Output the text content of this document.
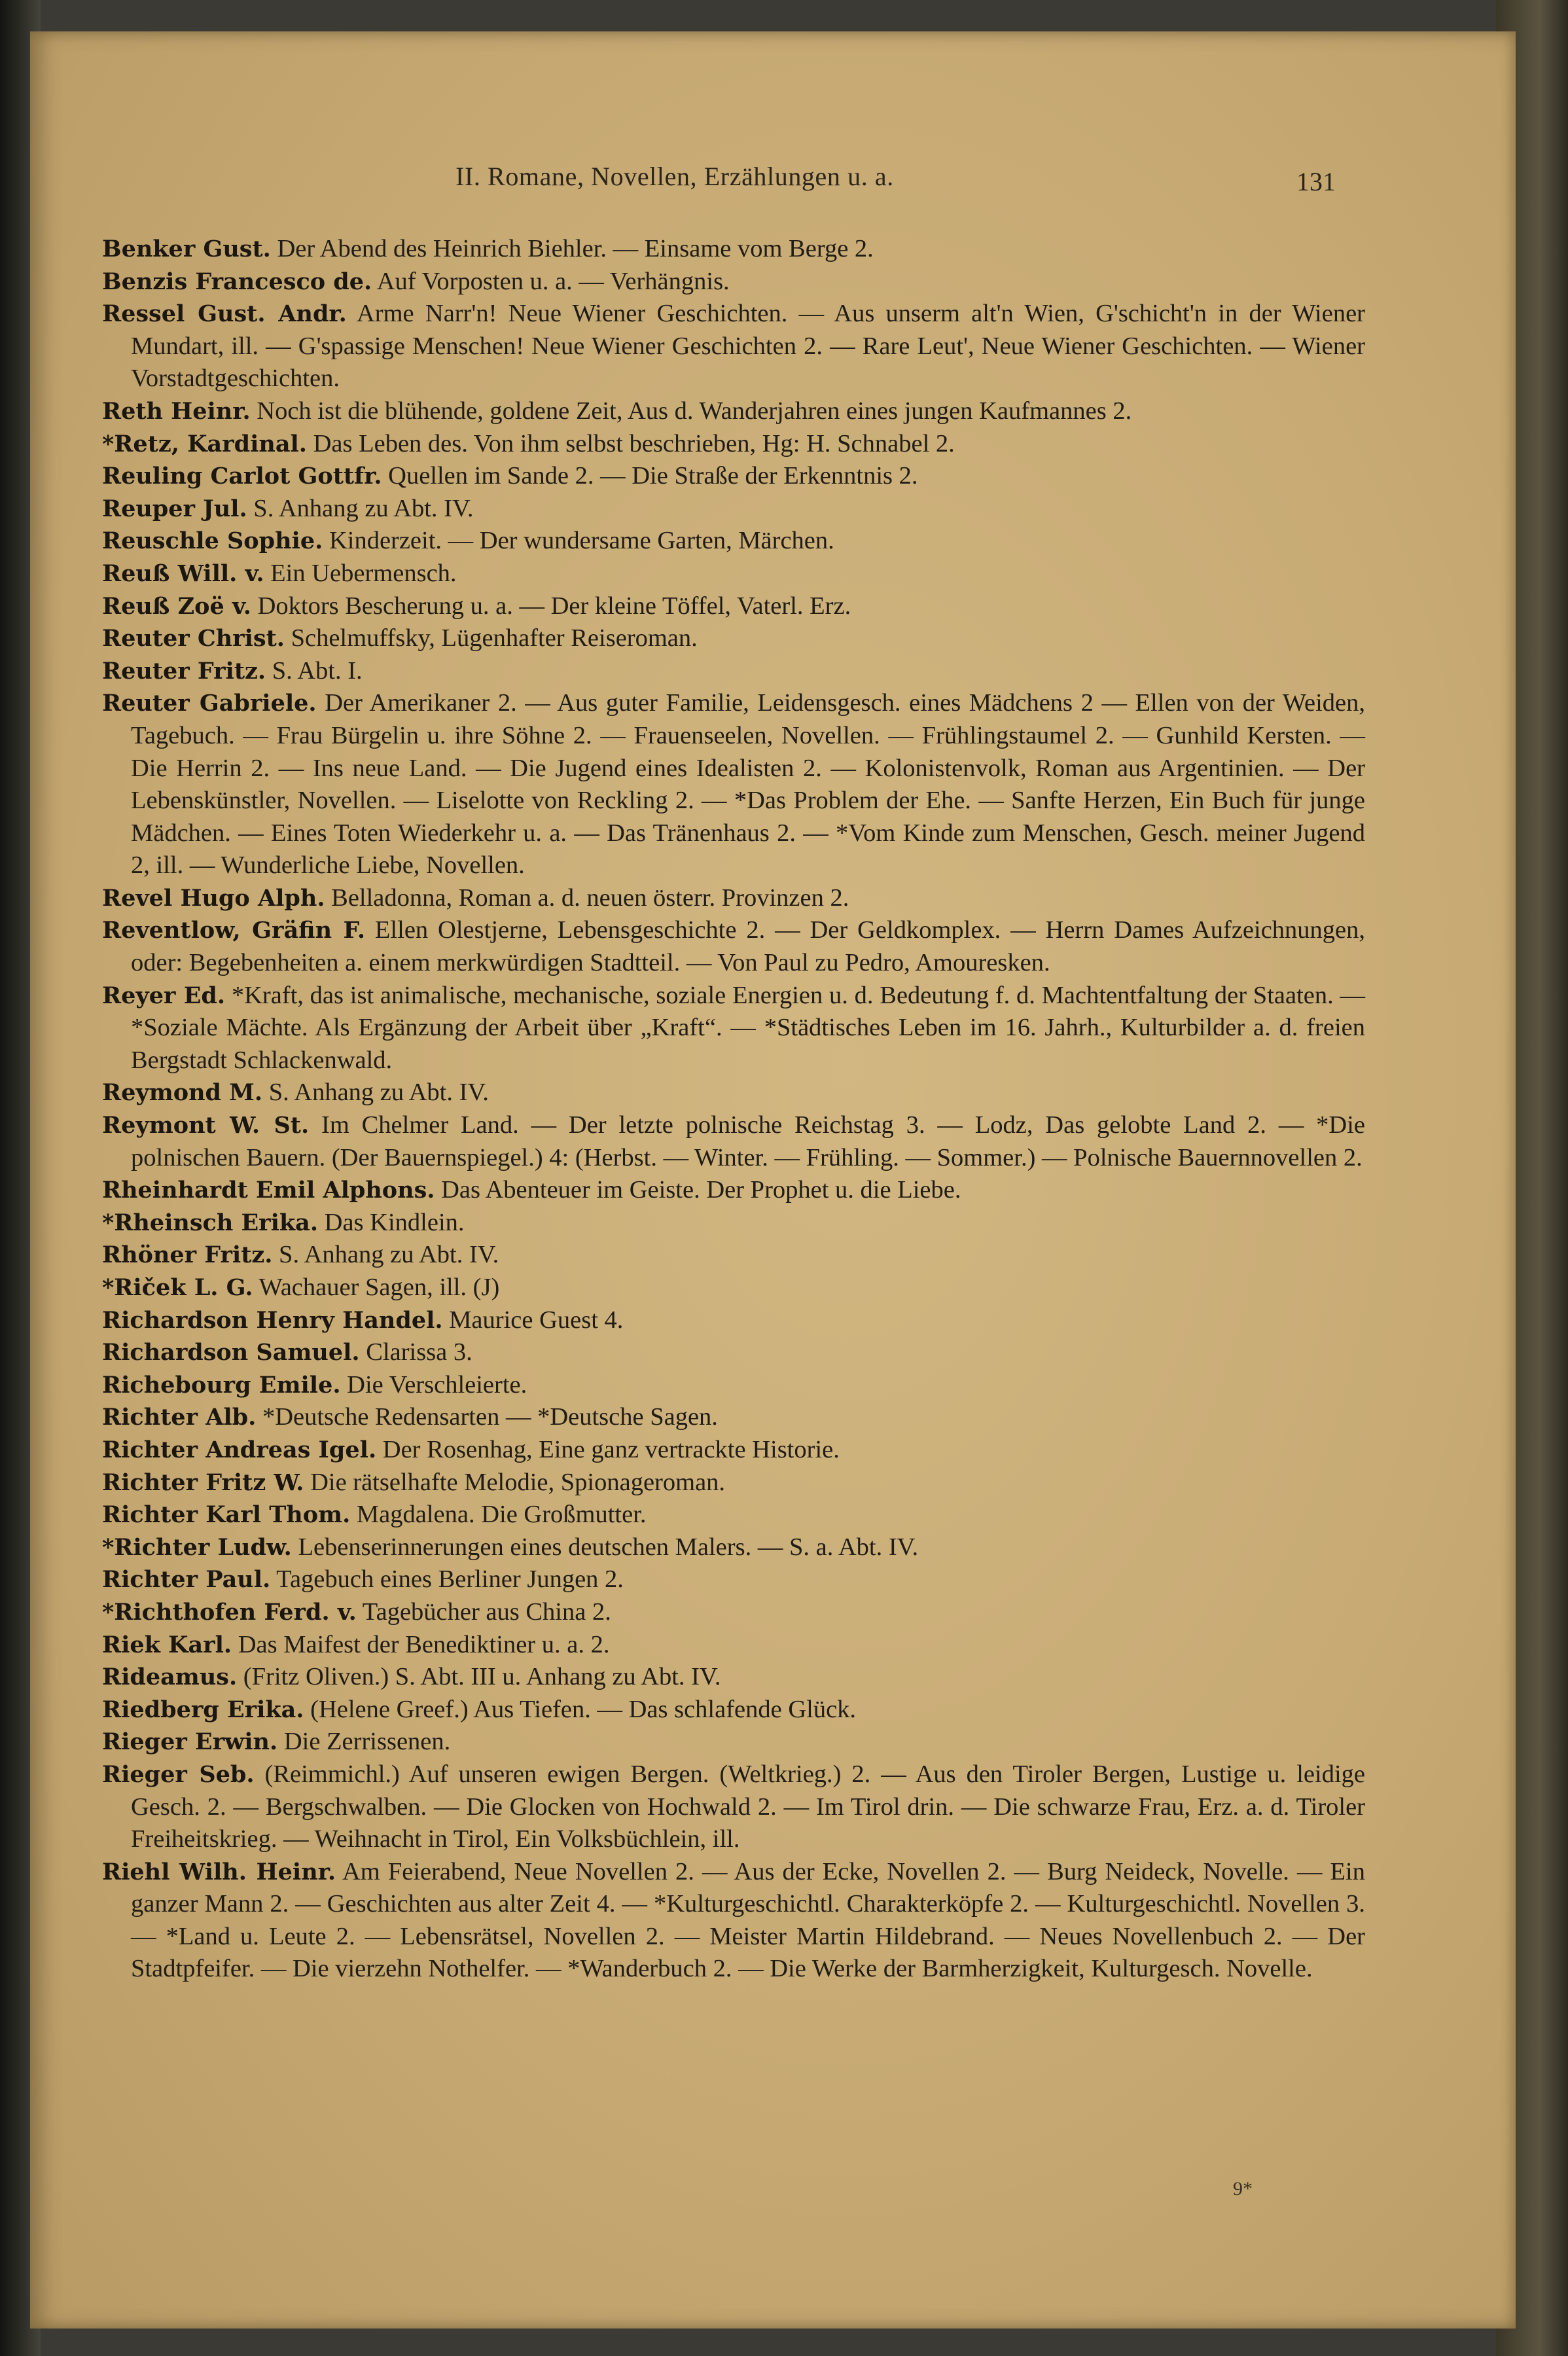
II. Romane, Novellen, Erzählungen u. a.	131

Benker Gust. Der Abend des Heinrich Biehler. — Einsame vom Berge 2.

Benzis Francesco de. Auf Vorposten u. a. — Verhängnis.

Ressel Gust. Andr. Arme Narr'n! Neue Wiener Geschichten. — Aus unserm alt'n Wien, G'schicht'n in der Wiener Mundart, ill. — G'spassige Menschen! Neue Wiener Geschichten 2. — Rare Leut', Neue Wiener Geschichten. — Wiener Vorstadtgeschichten.

Reth Heinr. Noch ist die blühende, goldene Zeit, Aus d. Wanderjahren eines jungen Kaufmannes 2.

*Retz, Kardinal. Das Leben des. Von ihm selbst beschrieben, Hg: H. Schnabel 2.

Reuling Carlot Gottfr. Quellen im Sande 2. — Die Straße der Erkenntnis 2.

Reuper Jul. S. Anhang zu Abt. IV.

Reuschle Sophie. Kinderzeit. — Der wundersame Garten, Märchen.

Reuß Will. v. Ein Uebermensch.

Reuß Zoë v. Doktors Bescherung u. a. — Der kleine Töffel, Vaterl. Erz.

Reuter Christ. Schelmuffsky, Lügenhafter Reiseroman.

Reuter Fritz. S. Abt. I.

Reuter Gabriele. Der Amerikaner 2. — Aus guter Familie, Leidensgesch. eines Mädchens 2 — Ellen von der Weiden, Tagebuch. — Frau Bürgelin u. ihre Söhne 2. — Frauenseelen, Novellen. — Frühlingstaumel 2. — Gunhild Kersten. — Die Herrin 2. — Ins neue Land. — Die Jugend eines Idealisten 2. — Kolonistenvolk, Roman aus Argentinien. — Der Lebenskünstler, Novellen. — Liselotte von Reckling 2. — *Das Problem der Ehe. — Sanfte Herzen, Ein Buch für junge Mädchen. — Eines Toten Wiederkehr u. a. — Das Tränenhaus 2. — *Vom Kinde zum Menschen, Gesch. meiner Jugend 2, ill. — Wunderliche Liebe, Novellen.

Revel Hugo Alph. Belladonna, Roman a. d. neuen österr. Provinzen 2.

Reventlow, Gräfin F. Ellen Olestjerne, Lebensgeschichte 2. — Der Geldkomplex. — Herrn Dames Aufzeichnungen, oder: Begebenheiten a. einem merkwürdigen Stadtteil. — Von Paul zu Pedro, Amouresken.

Reyer Ed. *Kraft, das ist animalische, mechanische, soziale Energien u. d. Bedeutung f. d. Machtentfaltung der Staaten. — *Soziale Mächte. Als Ergänzung der Arbeit über „Kraft“. — *Städtisches Leben im 16. Jahrh., Kulturbilder a. d. freien Bergstadt Schlackenwald.

Reymond M. S. Anhang zu Abt. IV.

Reymont W. St. Im Chelmer Land. — Der letzte polnische Reichstag 3. — Lodz, Das gelobte Land 2. — *Die polnischen Bauern. (Der Bauernspiegel.) 4: (Herbst. — Winter. — Frühling. — Sommer.) — Polnische Bauernnovellen 2.

Rheinhardt Emil Alphons. Das Abenteuer im Geiste. Der Prophet u. die Liebe.

*Rheinsch Erika. Das Kindlein.

Rhöner Fritz. S. Anhang zu Abt. IV.

*Riček L. G. Wachauer Sagen, ill. (J)

Richardson Henry Handel. Maurice Guest 4.

Richardson Samuel. Clarissa 3.

Richebourg Emile. Die Verschleierte.

Richter Alb. *Deutsche Redensarten — *Deutsche Sagen.

Richter Andreas Igel. Der Rosenhag, Eine ganz vertrackte Historie.

Richter Fritz W. Die rätselhafte Melodie, Spionageroman.

Richter Karl Thom. Magdalena. Die Großmutter.

*Richter Ludw. Lebenserinnerungen eines deutschen Malers. — S. a. Abt. IV.

Richter Paul. Tagebuch eines Berliner Jungen 2.

*Richthofen Ferd. v. Tagebücher aus China 2.

Riek Karl. Das Maifest der Benediktiner u. a. 2.

Rideamus. (Fritz Oliven.) S. Abt. III u. Anhang zu Abt. IV.

Riedberg Erika. (Helene Greef.) Aus Tiefen. — Das schlafende Glück.

Rieger Erwin. Die Zerrissenen.

Rieger Seb. (Reimmichl.) Auf unseren ewigen Bergen. (Weltkrieg.) 2. — Aus den Tiroler Bergen, Lustige u. leidige Gesch. 2. — Bergschwalben. — Die Glocken von Hochwald 2. — Im Tirol drin. — Die schwarze Frau, Erz. a. d. Tiroler Freiheitskrieg. — Weihnacht in Tirol, Ein Volksbüchlein, ill.

Riehl Wilh. Heinr. Am Feierabend, Neue Novellen 2. — Aus der Ecke, Novellen 2. — Burg Neideck, Novelle. — Ein ganzer Mann 2. — Geschichten aus alter Zeit 4. — *Kulturgeschichtl. Charakterköpfe 2. — Kulturgeschichtl. Novellen 3. — *Land u. Leute 2. — Lebensrätsel, Novellen 2. — Meister Martin Hildebrand. — Neues Novellenbuch 2. — Der Stadtpfeifer. — Die vierzehn Nothelfer. — *Wanderbuch 2. — Die Werke der Barmherzigkeit, Kulturgesch. Novelle.

9*
